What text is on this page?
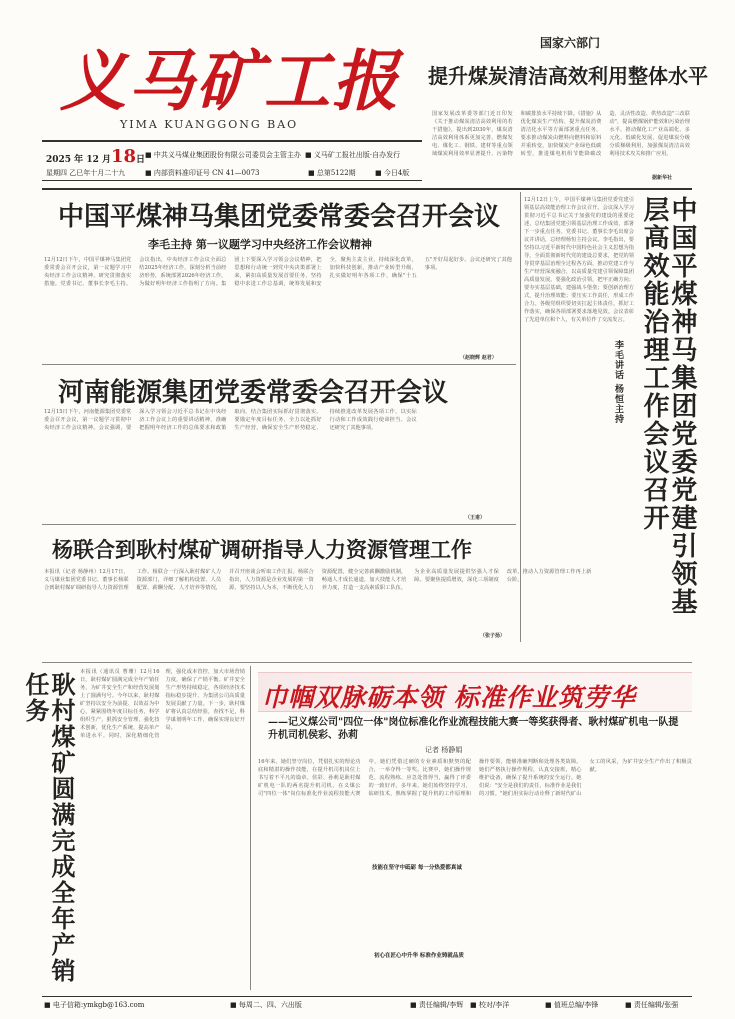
义马矿工报
YIMA KUANGGONG BAO
2025 年 12 月18日
星期四 乙巳年十月二十九
■ 中共义马煤业集团股份有限公司委员会主管主办 ■ 义马矿工报社出版·自办发行
■ 内部资料准印证号 CN 41—0073	■ 总第5122期	■ 今日4版
国家六部门
提升煤炭清洁高效利用整体水平
国家发展改革委等部门近日印发《关于推动煤炭清洁高效利用的若干措施》，提出到2030年，煤炭清洁高效利用体系更加完善，燃煤发电、煤化工、钢铁、建材等重点领域煤炭利用效率显著提升，污染物和碳排放水平持续下降。《措施》从优化煤炭生产结构、提升煤炭消费清洁化水平等方面部署重点任务，要求推动煤炭由燃料向燃料和原料并重转变，加快煤炭产业绿色低碳转型，推进煤电机组节能降碳改造、灵活性改造、供热改造"三改联动"，提高燃煤锅炉能效和污染治理水平，推动煤化工产业高端化、多元化、低碳化发展，促进煤炭分级分质梯级利用，加强煤炭清洁高效利用技术攻关和推广应用。
据新华社
中国平煤神马集团党委常委会召开会议
李毛主持 第一议题学习中央经济工作会议精神
12月12日下午，中国平煤神马集团党委常委会召开会议，第一议题学习中央经济工作会议精神，研究贯彻落实措施。党委书记、董事长李毛主持。会议指出，中央经济工作会议全面总结2025年经济工作，深刻分析当前经济形势，系统部署2026年经济工作，为做好明年经济工作指明了方向。集团上下要深入学习领会会议精神，把思想和行动统一到党中央决策部署上来，紧扣高质量发展首要任务，坚持稳中求进工作总基调，统筹发展和安全，聚焦主责主业，持续深化改革，加快科技创新，推动产业转型升级，扎实做好明年各项工作，确保"十五五"开好局起好步。会议还研究了其他事项。
（赵晓辉 赵君）
12月12日上午，中国平煤神马集团党委党建引领基层高效能治理工作会议召开。会议深入学习贯彻习近平总书记关于加强党的建设的重要论述，总结集团党建引领基层治理工作成效，部署下一步重点任务。党委书记、董事长李毛出席会议并讲话，总经理杨恒主持会议。李毛指出，要坚持以习近平新时代中国特色社会主义思想为指导，全面贯彻新时代党的建设总要求，把党的领导贯穿基层治理全过程各方面，推动党建工作与生产经营深度融合，以高质量党建引领保障集团高质量发展。要强化政治引领，把牢正确方向；要夯实基层基础，建强战斗堡垒；要创新治理方式，提升治理效能；要压实工作责任，形成工作合力。各级党组织要切实扛起主体责任，抓好工作落实，确保各项部署要求落地见效。会议表彰了先进单位和个人，有关单位作了交流发言。	中国平煤神马集团党委党建引领基层高效能治理工作会议召开
李毛讲话 杨恒主持
（张子扬）
河南能源集团党委常委会召开会议
12月15日下午，河南能源集团党委常委会召开会议，第一议题学习贯彻中央经济工作会议精神。会议强调，要深入学习领会习近平总书记在中央经济工作会议上的重要讲话精神，准确把握明年经济工作的总体要求和政策取向，结合集团实际抓好贯彻落实。要锚定年度目标任务，全力以赴抓好生产经营，确保安全生产形势稳定，持续推进改革发展各项工作，以实际行动和工作成效践行使命担当。会议还研究了其他事项。
（王甫）
杨联合到耿村煤矿调研指导人力资源管理工作
本报讯（记者 杨静州）12月17日，义马煤业集团党委书记、董事长杨联合到耿村煤矿调研指导人力资源管理工作。杨联合一行深入耿村煤矿人力资源部门，详细了解机构设置、人员配置、薪酬分配、人才培养等情况，并召开座谈会听取工作汇报。杨联合指出，人力资源是企业发展的第一资源，要坚持以人为本，不断优化人力资源配置，健全完善薪酬激励机制，畅通人才成长通道，加大技能人才培养力度，打造一支高素质职工队伍，为企业高质量发展提供坚强人才保障。要聚焦提质增效，深化三项制度改革，推动人力资源管理工作再上新台阶。
耿村煤矿圆满完成全年产销任务	本报讯（通讯员 曹珊）12月16日，耿村煤矿圆满完成全年产销任务，为矿井安全生产和经营发展划上了圆满句号。今年以来，耿村煤矿坚持以安全为前提、以效益为中心，紧紧围绕年度目标任务，科学组织生产，狠抓安全管理，强化技术创新，优化生产系统，提高单产单进水平。同时，深化精细化管理，强化成本管控，加大市场营销力度，确保了产销平衡。矿井安全生产形势持续稳定，各项经济技术指标稳步提升，为集团公司高质量发展贡献了力量。下一步，耿村煤矿将认真总结经验，查找不足，科学谋划明年工作，确保实现良好开局。
巾帼双脉砺本领 标准作业筑劳华
——记义煤公司"四位一体"岗位标准化作业流程技能大赛一等奖获得者、耿村煤矿机电一队提升机司机侯彩、孙莉
记者 杨静娟
16年来，她们坚守岗位，凭借扎实的理论功底和精湛的操作技能，在提升机司机岗位上书写着不平凡的篇章。侯彩、孙莉是耿村煤矿机电一队的两名提升机司机，在义煤公司"四位一体"岗位标准化作业流程技能大赛中，她们凭借过硬的专业素质和默契的配合，一举夺得一等奖。比赛中，她们操作规范、流程熟练、应急处置得当，赢得了评委的一致好评。多年来，她们始终坚持学习，钻研技术，熟练掌握了提升机的工作原理和操作要领，能够准确判断和处理各类故障。她们严格执行操作规程，认真交接班，精心维护设备，确保了提升系统的安全运行。她们说："安全是我们的责任，标准作业是我们的习惯。"她们用实际行动诠释了新时代矿山女工的风采，为矿井安全生产作出了积极贡献。
技能在坚守中砥砺 每一分热爱都真诚
初心在匠心中升华 标准作业铸就品质
■ 电子信箱:ymkgb@163.com	■ 每周二、四、六出版	■ 责任编辑/李辉 ■ 校对/李洋	■ 值班总编/李锋	■ 责任编辑/张强
